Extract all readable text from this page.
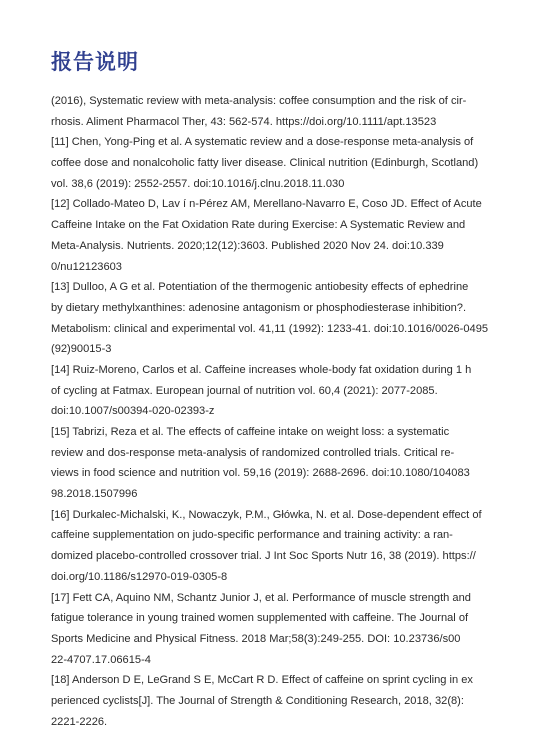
报告说明
(2016), Systematic review with meta-analysis: coffee consumption and the risk of cir-
rhosis. Aliment Pharmacol Ther, 43: 562-574. https://doi.org/10.1111/apt.13523
[11] Chen, Yong-Ping et al. A systematic review and a dose-response meta-analysis of
coffee dose and nonalcoholic fatty liver disease. Clinical nutrition (Edinburgh, Scotland)
vol. 38,6 (2019): 2552-2557. doi:10.1016/j.clnu.2018.11.030
[12] Collado-Mateo D, Lav í n-Pérez AM, Merellano-Navarro E, Coso JD. Effect of Acute
Caffeine Intake on the Fat Oxidation Rate during Exercise: A Systematic Review and
Meta-Analysis. Nutrients. 2020;12(12):3603. Published 2020 Nov 24. doi:10.339
0/nu12123603
[13] Dulloo, A G et al. Potentiation of the thermogenic antiobesity effects of ephedrine
by dietary methylxanthines: adenosine antagonism or phosphodiesterase inhibition?.
Metabolism: clinical and experimental vol. 41,11 (1992): 1233-41. doi:10.1016/0026-0495
(92)90015-3
[14] Ruiz-Moreno, Carlos et al. Caffeine increases whole-body fat oxidation during 1 h
of cycling at Fatmax. European journal of nutrition vol. 60,4 (2021): 2077-2085.
doi:10.1007/s00394-020-02393-z
[15] Tabrizi, Reza et al. The effects of caffeine intake on weight loss: a systematic
review and dos-response meta-analysis of randomized controlled trials. Critical re-
views in food science and nutrition vol. 59,16 (2019): 2688-2696. doi:10.1080/104083
98.2018.1507996
[16] Durkalec-Michalski, K., Nowaczyk, P.M., Główka, N. et al. Dose-dependent effect of
caffeine supplementation on judo-specific performance and training activity: a ran-
domized placebo-controlled crossover trial. J Int Soc Sports Nutr 16, 38 (2019). https://
doi.org/10.1186/s12970-019-0305-8
[17] Fett CA, Aquino NM, Schantz Junior J, et al. Performance of muscle strength and
fatigue tolerance in young trained women supplemented with caffeine. The Journal of
Sports Medicine and Physical Fitness. 2018 Mar;58(3):249-255. DOI: 10.23736/s00
22-4707.17.06615-4
[18] Anderson D E, LeGrand S E, McCart R D. Effect of caffeine on sprint cycling in ex
perienced cyclists[J]. The Journal of Strength & Conditioning Research, 2018, 32(8):
2221-2226.
